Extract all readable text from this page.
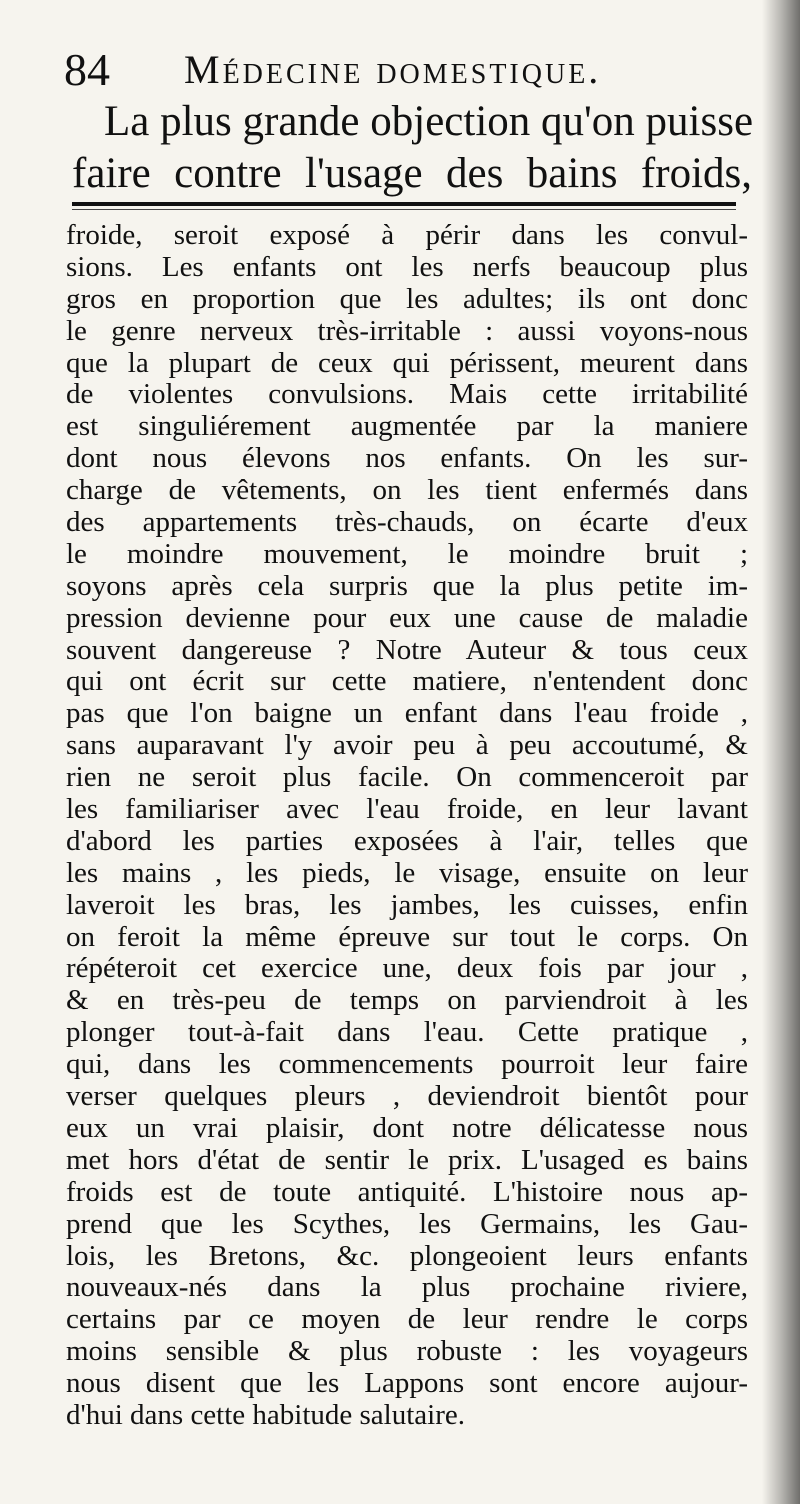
84 Médecine domestique.
La plus grande objection qu'on puisse
faire contre l'usage des bains froids,
froide, seroit exposé à périr dans les convul-
sions. Les enfants ont les nerfs beaucoup plus
gros en proportion que les adultes; ils ont donc
le genre nerveux très-irritable : aussi voyons-nous
que la plupart de ceux qui périssent, meurent dans
de violentes convulsions. Mais cette irritabilité
est singuliérement augmentée par la maniere
dont nous élevons nos enfants. On les sur-
charge de vêtements, on les tient enfermés dans
des appartements très-chauds, on écarte d'eux
le moindre mouvement, le moindre bruit ;
soyons après cela surpris que la plus petite im-
pression devienne pour eux une cause de maladie
souvent dangereuse ? Notre Auteur & tous ceux
qui ont écrit sur cette matiere, n'entendent donc
pas que l'on baigne un enfant dans l'eau froide ,
sans auparavant l'y avoir peu à peu accoutumé, &
rien ne seroit plus facile. On commenceroit par
les familiariser avec l'eau froide, en leur lavant
d'abord les parties exposées à l'air, telles que
les mains , les pieds, le visage, ensuite on leur
laveroit les bras, les jambes, les cuisses, enfin
on feroit la même épreuve sur tout le corps. On
répéteroit cet exercice une, deux fois par jour ,
& en très-peu de temps on parviendroit à les
plonger tout-à-fait dans l'eau. Cette pratique ,
qui, dans les commencements pourroit leur faire
verser quelques pleurs , deviendroit bientôt pour
eux un vrai plaisir, dont notre délicatesse nous
met hors d'état de sentir le prix. L'usaged es bains
froids est de toute antiquité. L'histoire nous ap-
prend que les Scythes, les Germains, les Gau-
lois, les Bretons, &c. plongeoient leurs enfants
nouveaux-nés dans la plus prochaine riviere,
certains par ce moyen de leur rendre le corps
moins sensible & plus robuste : les voyageurs
nous disent que les Lappons sont encore aujour-
d'hui dans cette habitude salutaire.
